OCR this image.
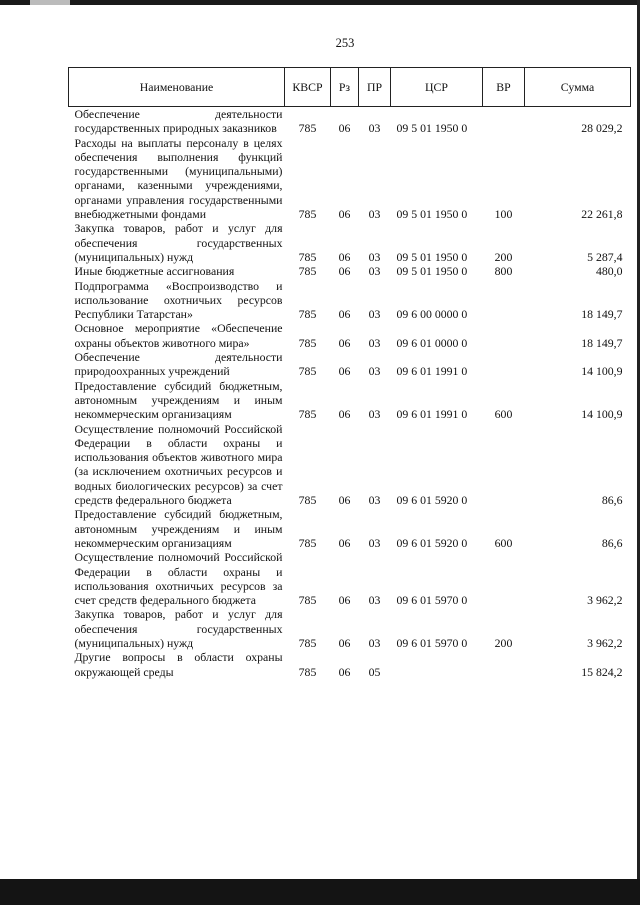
253
Наименование	КВСР	Рз	ПР	ЦСР	ВР	Сумма
Обеспечение деятельности государственных природных заказников	785	06	03	09 5 01 1950 0		28 029,2
Расходы на выплаты персоналу в целях обеспечения выполнения функций государственными (муниципальными) органами, казенными учреждениями, органами управления государственными внебюджетными фондами	785	06	03	09 5 01 1950 0	100	22 261,8
Закупка товаров, работ и услуг для обеспечения государственных (муниципальных) нужд	785	06	03	09 5 01 1950 0	200	5 287,4
Иные бюджетные ассигнования	785	06	03	09 5 01 1950 0	800	480,0
Подпрограмма «Воспроизводство и использование охотничьих ресурсов Республики Татарстан»	785	06	03	09 6 00 0000 0		18 149,7
Основное мероприятие «Обеспечение охраны объектов животного мира»	785	06	03	09 6 01 0000 0		18 149,7
Обеспечение деятельности природоохранных учреждений	785	06	03	09 6 01 1991 0		14 100,9
Предоставление субсидий бюджетным, автономным учреждениям и иным некоммерческим организациям	785	06	03	09 6 01 1991 0	600	14 100,9
Осуществление полномочий Российской Федерации в области охраны и использования объектов животного мира (за исключением охотничьих ресурсов и водных биологических ресурсов) за счет средств федерального бюджета	785	06	03	09 6 01 5920 0		86,6
Предоставление субсидий бюджетным, автономным учреждениям и иным некоммерческим организациям	785	06	03	09 6 01 5920 0	600	86,6
Осуществление полномочий Российской Федерации в области охраны и использования охотничьих ресурсов за счет средств федерального бюджета	785	06	03	09 6 01 5970 0		3 962,2
Закупка товаров, работ и услуг для обеспечения государственных (муниципальных) нужд	785	06	03	09 6 01 5970 0	200	3 962,2
Другие вопросы в области охраны окружающей среды	785	06	05			15 824,2
